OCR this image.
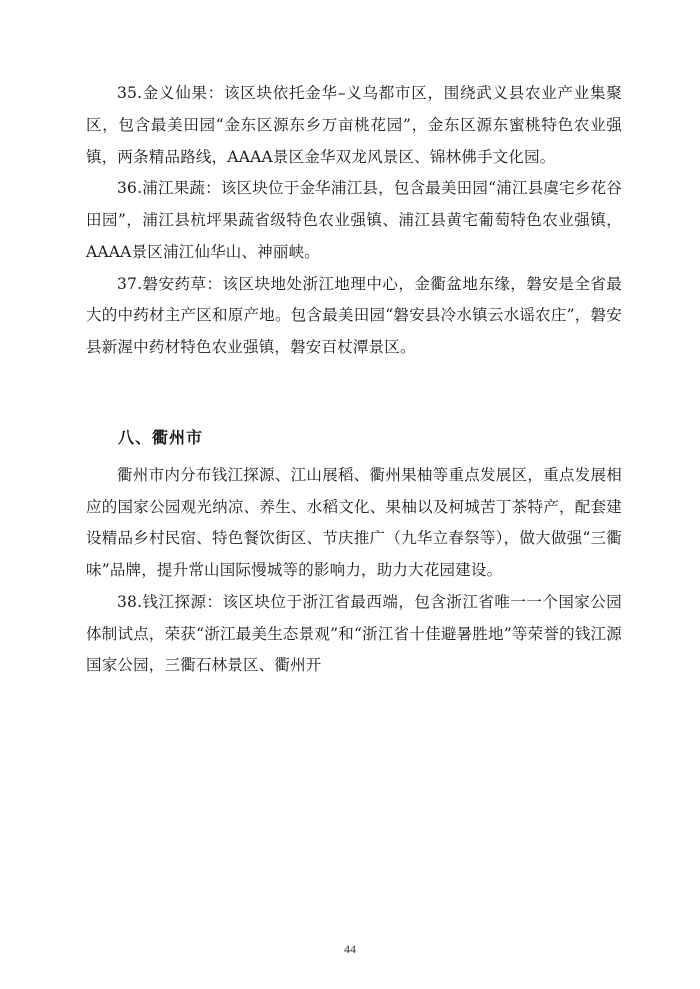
35.金义仙果：该区块依托金华–义乌都市区，围绕武义县农业产业集聚区，包含最美田园“金东区源东乡万亩桃花园”，金东区源东蜜桃特色农业强镇，两条精品路线，AAAA景区金华双龙风景区、锦林佛手文化园。

36.浦江果蔬：该区块位于金华浦江县，包含最美田园“浦江县虞宅乡花谷田园”，浦江县杭坪果蔬省级特色农业强镇、浦江县黄宅葡萄特色农业强镇，AAAA景区浦江仙华山、神丽峡。

37.磐安药草：该区块地处浙江地理中心，金衢盆地东缘，磐安是全省最大的中药材主产区和原产地。包含最美田园“磐安县冷水镇云水谣农庄”，磐安县新渥中药材特色农业强镇，磐安百杖潭景区。

八、衢州市

衢州市内分布钱江探源、江山展稻、衢州果柚等重点发展区，重点发展相应的国家公园观光纳凉、养生、水稻文化、果柚以及柯城苦丁茶特产，配套建设精品乡村民宿、特色餐饮街区、节庆推广（九华立春祭等），做大做强“三衢味”品牌，提升常山国际慢城等的影响力，助力大花园建设。

38.钱江探源：该区块位于浙江省最西端，包含浙江省唯一一个国家公园体制试点，荣获“浙江最美生态景观”和“浙江省十佳避暑胜地”等荣誉的钱江源国家公园，三衢石林景区、衢州开

44
